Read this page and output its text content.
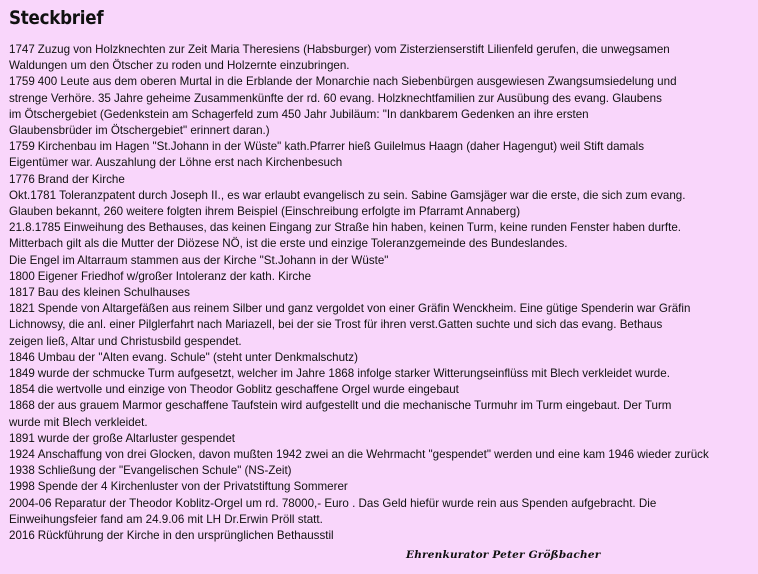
Steckbrief
1747 Zuzug von Holzknechten zur Zeit Maria Theresiens (Habsburger) vom Zisterzienserstift Lilienfeld gerufen, die unwegsamen
Waldungen um den Ötscher zu roden und Holzernte einzubringen.
1759 400 Leute aus dem oberen Murtal in die Erblande der Monarchie nach Siebenbürgen ausgewiesen Zwangsumsiedelung und
strenge Verhöre. 35 Jahre geheime Zusammenkünfte der rd. 60 evang. Holzknechtfamilien zur Ausübung des evang. Glaubens
im Ötschergebiet (Gedenkstein am Schagerfeld zum 450 Jahr Jubiläum: "In dankbarem Gedenken an ihre ersten
Glaubensbrüder im Ötschergebiet" erinnert daran.)
1759 Kirchenbau im Hagen "St.Johann in der Wüste" kath.Pfarrer hieß Guilelmus Haagn (daher Hagengut) weil Stift damals
Eigentümer war. Auszahlung der Löhne erst nach Kirchenbesuch
1776 Brand der Kirche
Okt.1781 Toleranzpatent durch Joseph II., es war erlaubt evangelisch zu sein. Sabine Gamsjäger war die erste, die sich zum evang.
Glauben bekannt, 260 weitere folgten ihrem Beispiel (Einschreibung erfolgte im Pfarramt Annaberg)
21.8.1785 Einweihung des Bethauses, das keinen Eingang zur Straße hin haben, keinen Turm, keine runden Fenster haben durfte.
Mitterbach gilt als die Mutter der Diözese NÖ, ist die erste und einzige Toleranzgemeinde des Bundeslandes.
Die Engel im Altarraum stammen aus der Kirche "St.Johann in der Wüste"
1800 Eigener Friedhof w/großer Intoleranz der kath. Kirche
1817 Bau des kleinen Schulhauses
1821 Spende von Altargefäßen aus reinem Silber und ganz vergoldet von einer Gräfin Wenckheim. Eine gütige Spenderin war Gräfin
Lichnowsy, die anl. einer Pilglerfahrt nach Mariazell, bei der sie Trost für ihren verst.Gatten suchte und sich das evang. Bethaus
zeigen ließ, Altar und Christusbild gespendet.
1846 Umbau der "Alten evang. Schule" (steht unter Denkmalschutz)
1849 wurde der schmucke Turm aufgesetzt, welcher im Jahre 1868 infolge starker Witterungseinflüss mit Blech verkleidet wurde.
1854 die wertvolle und einzige von Theodor Goblitz geschaffene Orgel wurde eingebaut
1868 der aus grauem Marmor geschaffene Taufstein wird aufgestellt und die mechanische Turmuhr im Turm eingebaut. Der Turm
wurde mit Blech verkleidet.
1891 wurde der große Altarluster gespendet
1924 Anschaffung von drei Glocken, davon mußten 1942 zwei an die Wehrmacht "gespendet" werden und eine kam 1946 wieder zurück
1938 Schließung der "Evangelischen Schule" (NS-Zeit)
1998 Spende der 4 Kirchenluster von der Privatstiftung Sommerer
2004-06 Reparatur der Theodor Koblitz-Orgel um rd. 78000,- Euro . Das Geld hiefür wurde rein aus Spenden aufgebracht. Die
Einweihungsfeier fand am 24.9.06 mit LH Dr.Erwin Pröll statt.
2016 Rückführung der Kirche in den ursprünglichen Bethausstil
Ehrenkurator Peter Größbacher
